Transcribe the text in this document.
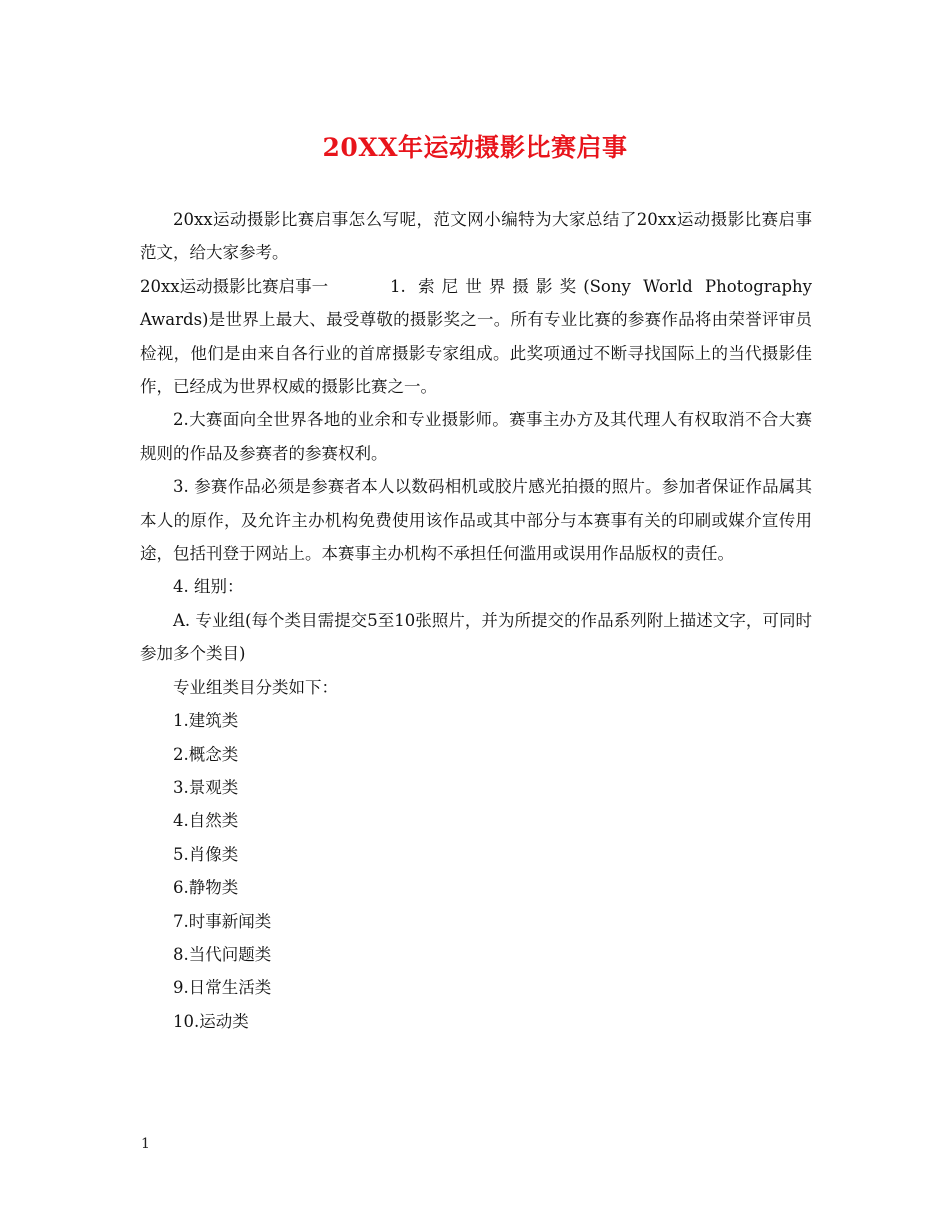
20XX年运动摄影比赛启事

20xx运动摄影比赛启事怎么写呢，范文网小编特为大家总结了20xx运动摄影比赛启事范文，给大家参考。

20xx运动摄影比赛启事一	1. 索尼世界摄影奖(Sony World Photography Awards)是世界上最大、最受尊敬的摄影奖之一。所有专业比赛的参赛作品将由荣誉评审员检视，他们是由来自各行业的首席摄影专家组成。此奖项通过不断寻找国际上的当代摄影佳作，已经成为世界权威的摄影比赛之一。

2.大赛面向全世界各地的业余和专业摄影师。赛事主办方及其代理人有权取消不合大赛规则的作品及参赛者的参赛权利。

3. 参赛作品必须是参赛者本人以数码相机或胶片感光拍摄的照片。参加者保证作品属其本人的原作，及允许主办机构免费使用该作品或其中部分与本赛事有关的印刷或媒介宣传用途，包括刊登于网站上。本赛事主办机构不承担任何滥用或误用作品版权的责任。

4. 组别：

A. 专业组(每个类目需提交5至10张照片，并为所提交的作品系列附上描述文字，可同时参加多个类目)

专业组类目分类如下：

1.建筑类

2.概念类

3.景观类

4.自然类

5.肖像类

6.静物类

7.时事新闻类

8.当代问题类

9.日常生活类

10.运动类

1
